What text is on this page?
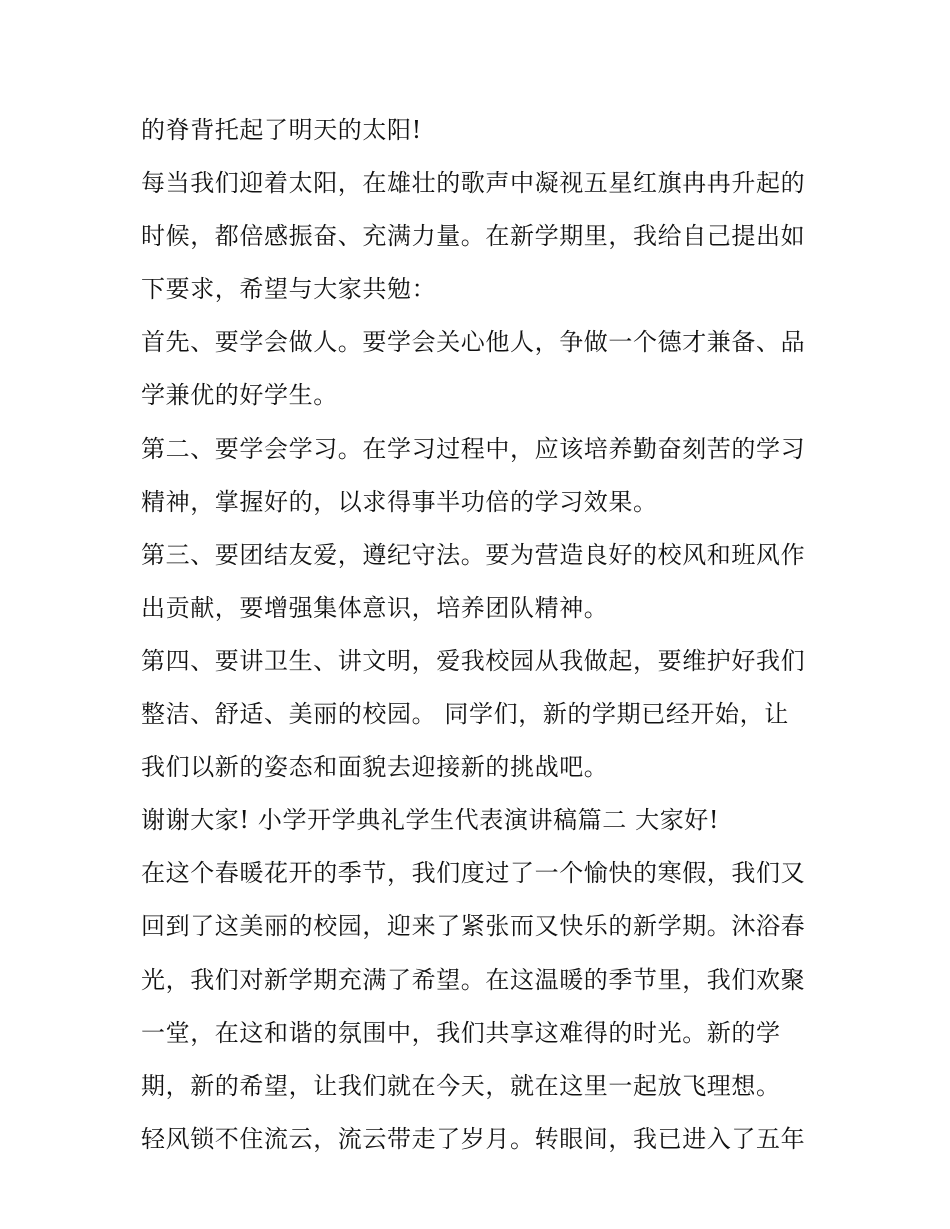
的脊背托起了明天的太阳!
每当我们迎着太阳，在雄壮的歌声中凝视五星红旗冉冉升起的
时候，都倍感振奋、充满力量。在新学期里，我给自己提出如
下要求，希望与大家共勉：
首先、要学会做人。要学会关心他人，争做一个德才兼备、品
学兼优的好学生。
第二、要学会学习。在学习过程中，应该培养勤奋刻苦的学习
精神，掌握好的，以求得事半功倍的学习效果。
第三、要团结友爱，遵纪守法。要为营造良好的校风和班风作
出贡献，要增强集体意识，培养团队精神。
第四、要讲卫生、讲文明，爱我校园从我做起，要维护好我们
整洁、舒适、美丽的校园。 同学们，新的学期已经开始，让
我们以新的姿态和面貌去迎接新的挑战吧。
谢谢大家! 小学开学典礼学生代表演讲稿篇二 大家好!
在这个春暖花开的季节，我们度过了一个愉快的寒假，我们又
回到了这美丽的校园，迎来了紧张而又快乐的新学期。沐浴春
光，我们对新学期充满了希望。在这温暖的季节里，我们欢聚
一堂，在这和谐的氛围中，我们共享这难得的时光。新的学
期，新的希望，让我们就在今天，就在这里一起放飞理想。
轻风锁不住流云，流云带走了岁月。转眼间，我已进入了五年
